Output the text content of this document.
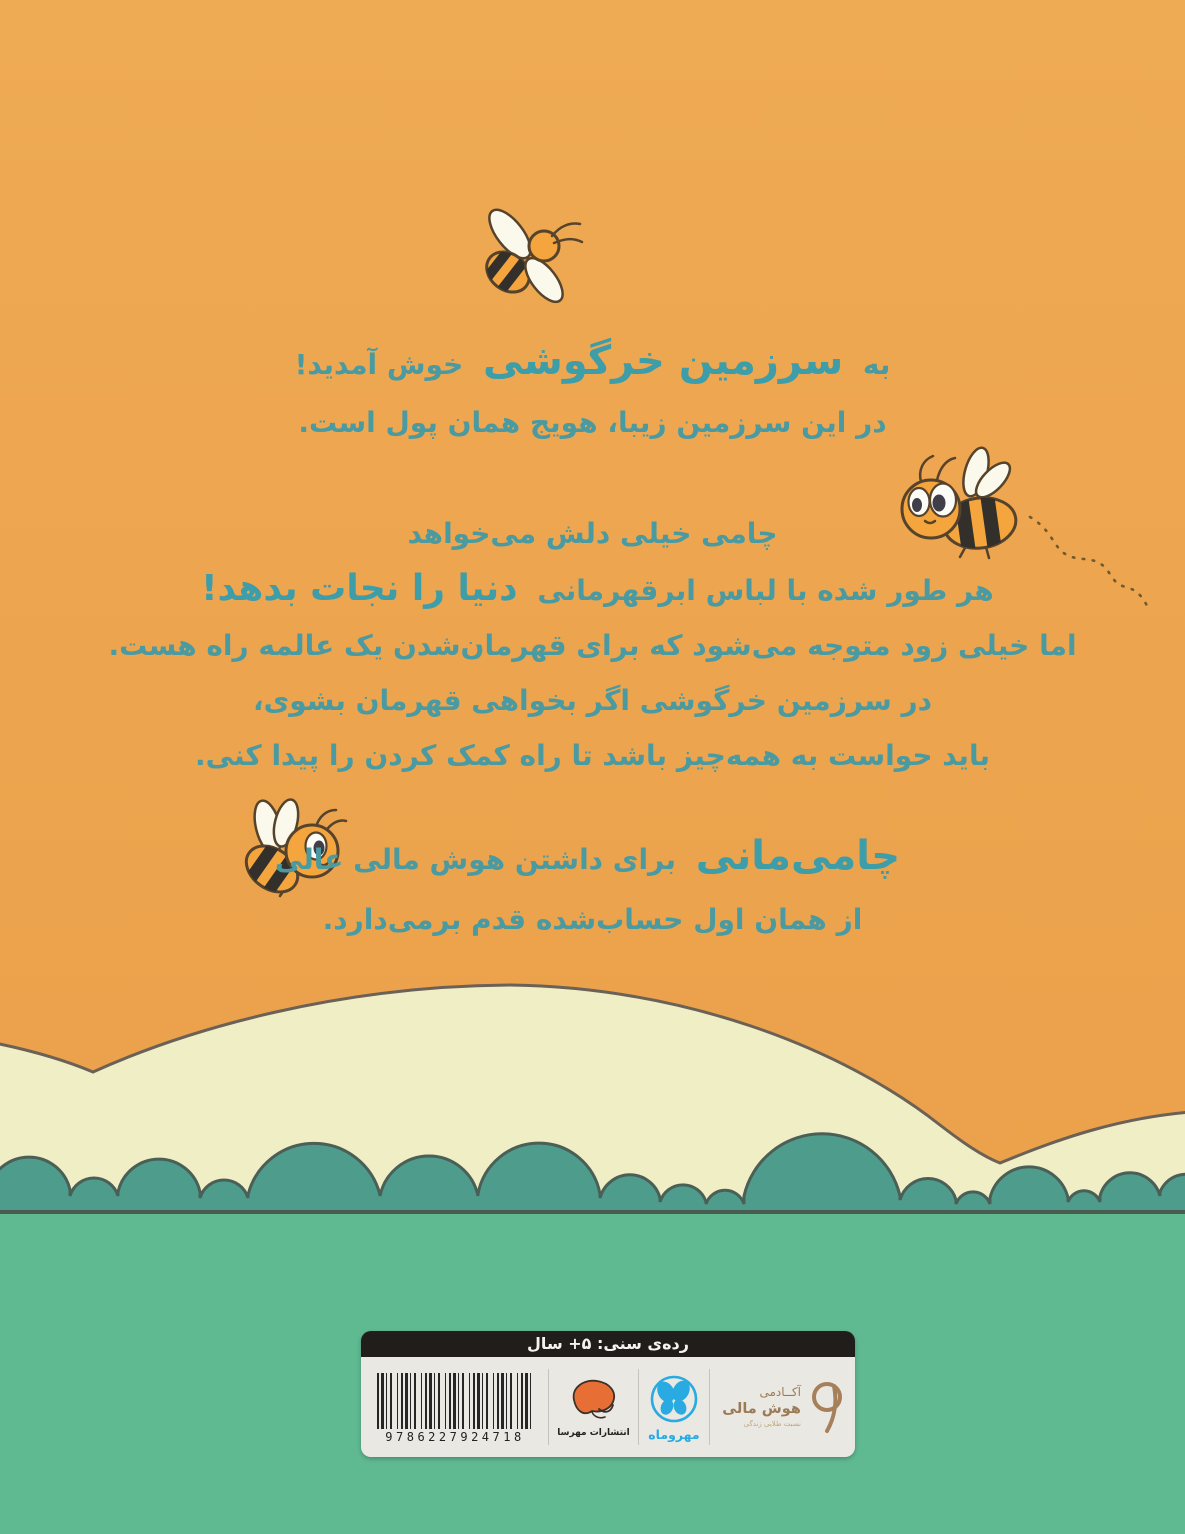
به سرزمین خرگوشی خوش آمدید!
در این سرزمین زیبا، هویج همان پول است.
چامی خیلی دلش می‌خواهد
هر طور شده با لباس ابرقهرمانی دنیا را نجات بدهد!
اما خیلی زود متوجه می‌شود که برای قهرمان‌شدن یک عالمه راه هست.
در سرزمین خرگوشی اگر بخواهی قهرمان بشوی،
باید حواست به همه‌چیز باشد تا راه کمک کردن را پیدا کنی.
چامی‌مانی برای داشتن هوش مالی عالی
از همان اول حساب‌شده قدم برمی‌دارد.
رده‌ی سنی: ۵+ سال
9786227924718	انتشارات مهرسا مهروماه
آکــادمی
هوش مالی
نسبت طلایی زندگی
